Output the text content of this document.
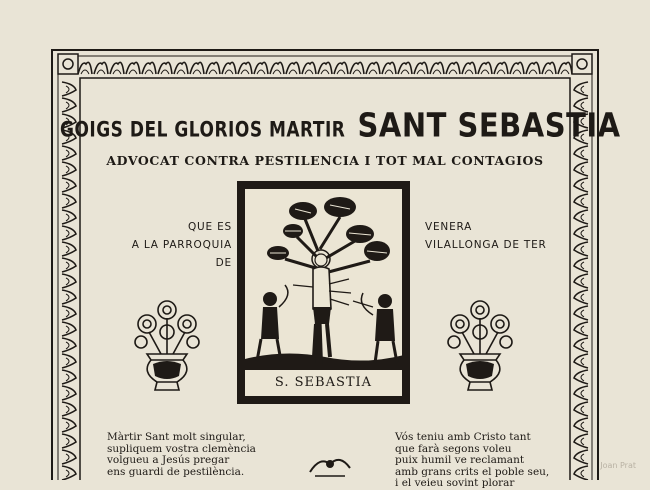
GOIGS DEL GLORIOS MARTIR SANT SEBASTIA
ADVOCAT CONTRA PESTILENCIA I TOT MAL CONTAGIOS
QUE ES
A LA PARROQUIA DE
VENERA
VILALLONGA DE TER
S. SEBASTIA
Màrtir Sant molt singular,
supliquem vostra clemència
volgueu a Jesús pregar
ens guardi de pestilència.
Vós teniu amb Cristo tant
que farà segons voleu
puix humil ve reclamant
amb grans crits el poble seu,
i el veieu sovint plorar
Joan Prat
